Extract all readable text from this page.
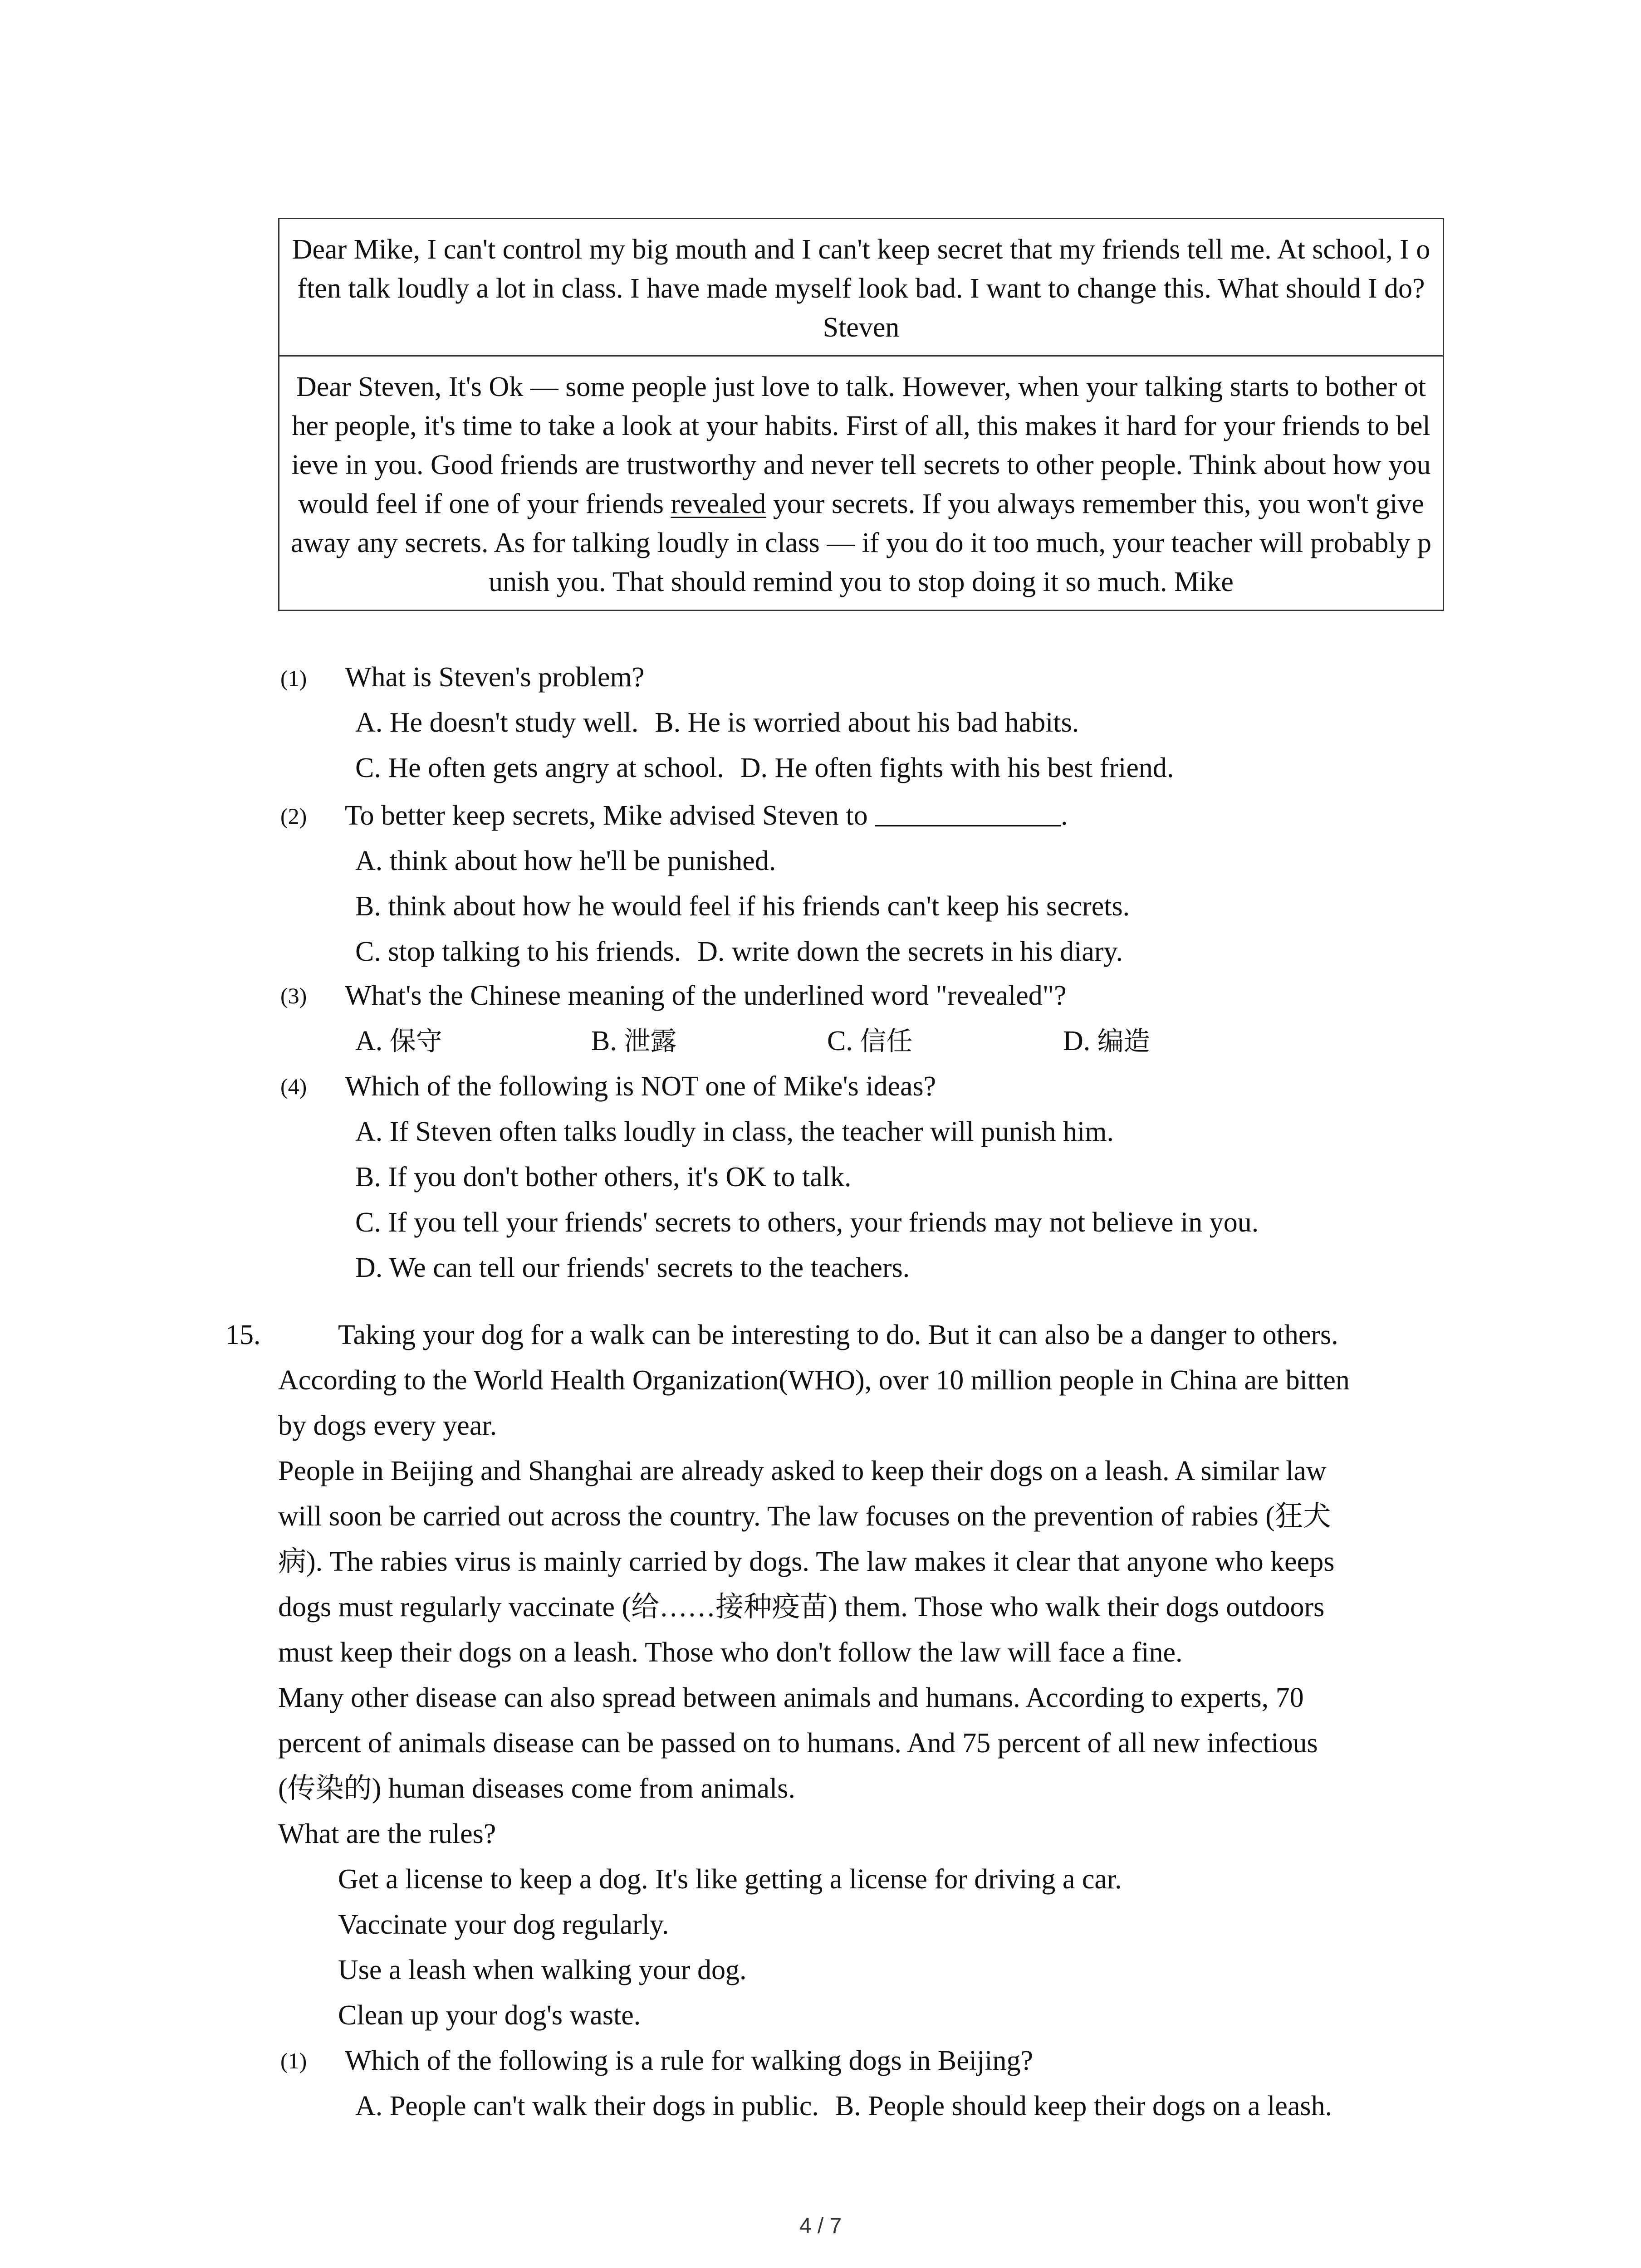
Dear Mike, I can't control my big mouth and I can't keep secret that my friends tell me. At school, I often talk loudly a lot in class. I have made myself look bad. I want to change this. What should I do?Steven
Dear Steven, It's Ok — some people just love to talk. However, when your talking starts to bother other people, it's time to take a look at your habits. First of all, this makes it hard for your friends to believe in you. Good friends are trustworthy and never tell secrets to other people. Think about how you would feel if one of your friends revealed your secrets. If you always remember this, you won't give away any secrets. As for talking loudly in class — if you do it too much, your teacher will probably punish you. That should remind you to stop doing it so much. Mike
(1) What is Steven's problem?
A. He doesn't study well. B. He is worried about his bad habits.
C. He often gets angry at school. D. He often fights with his best friend.
(2) To better keep secrets, Mike advised Steven to	.
A. think about how he'll be punished.
B. think about how he would feel if his friends can't keep his secrets.
C. stop talking to his friends. D. write down the secrets in his diary.
(3) What's the Chinese meaning of the underlined word "revealed"?
A. 保守	B. 泄露	C. 信任	D. 编造
(4) Which of the following is NOT one of Mike's ideas?
A. If Steven often talks loudly in class, the teacher will punish him.
B. If you don't bother others, it's OK to talk.
C. If you tell your friends' secrets to others, your friends may not believe in you.
D. We can tell our friends' secrets to the teachers.
15.	Taking your dog for a walk can be interesting to do. But it can also be a danger to others.
According to the World Health Organization(WHO), over 10 million people in China are bitten
by dogs every year.
People in Beijing and Shanghai are already asked to keep their dogs on a leash. A similar law
will soon be carried out across the country. The law focuses on the prevention of rabies (狂犬
病). The rabies virus is mainly carried by dogs. The law makes it clear that anyone who keeps
dogs must regularly vaccinate (给……接种疫苗) them. Those who walk their dogs outdoors
must keep their dogs on a leash. Those who don't follow the law will face a fine.
Many other disease can also spread between animals and humans. According to experts, 70
percent of animals disease can be passed on to humans. And 75 percent of all new infectious
(传染的) human diseases come from animals.
What are the rules?
Get a license to keep a dog. It's like getting a license for driving a car.
Vaccinate your dog regularly.
Use a leash when walking your dog.
Clean up your dog's waste.
(1) Which of the following is a rule for walking dogs in Beijing?
A. People can't walk their dogs in public. B. People should keep their dogs on a leash.
4 / 7
